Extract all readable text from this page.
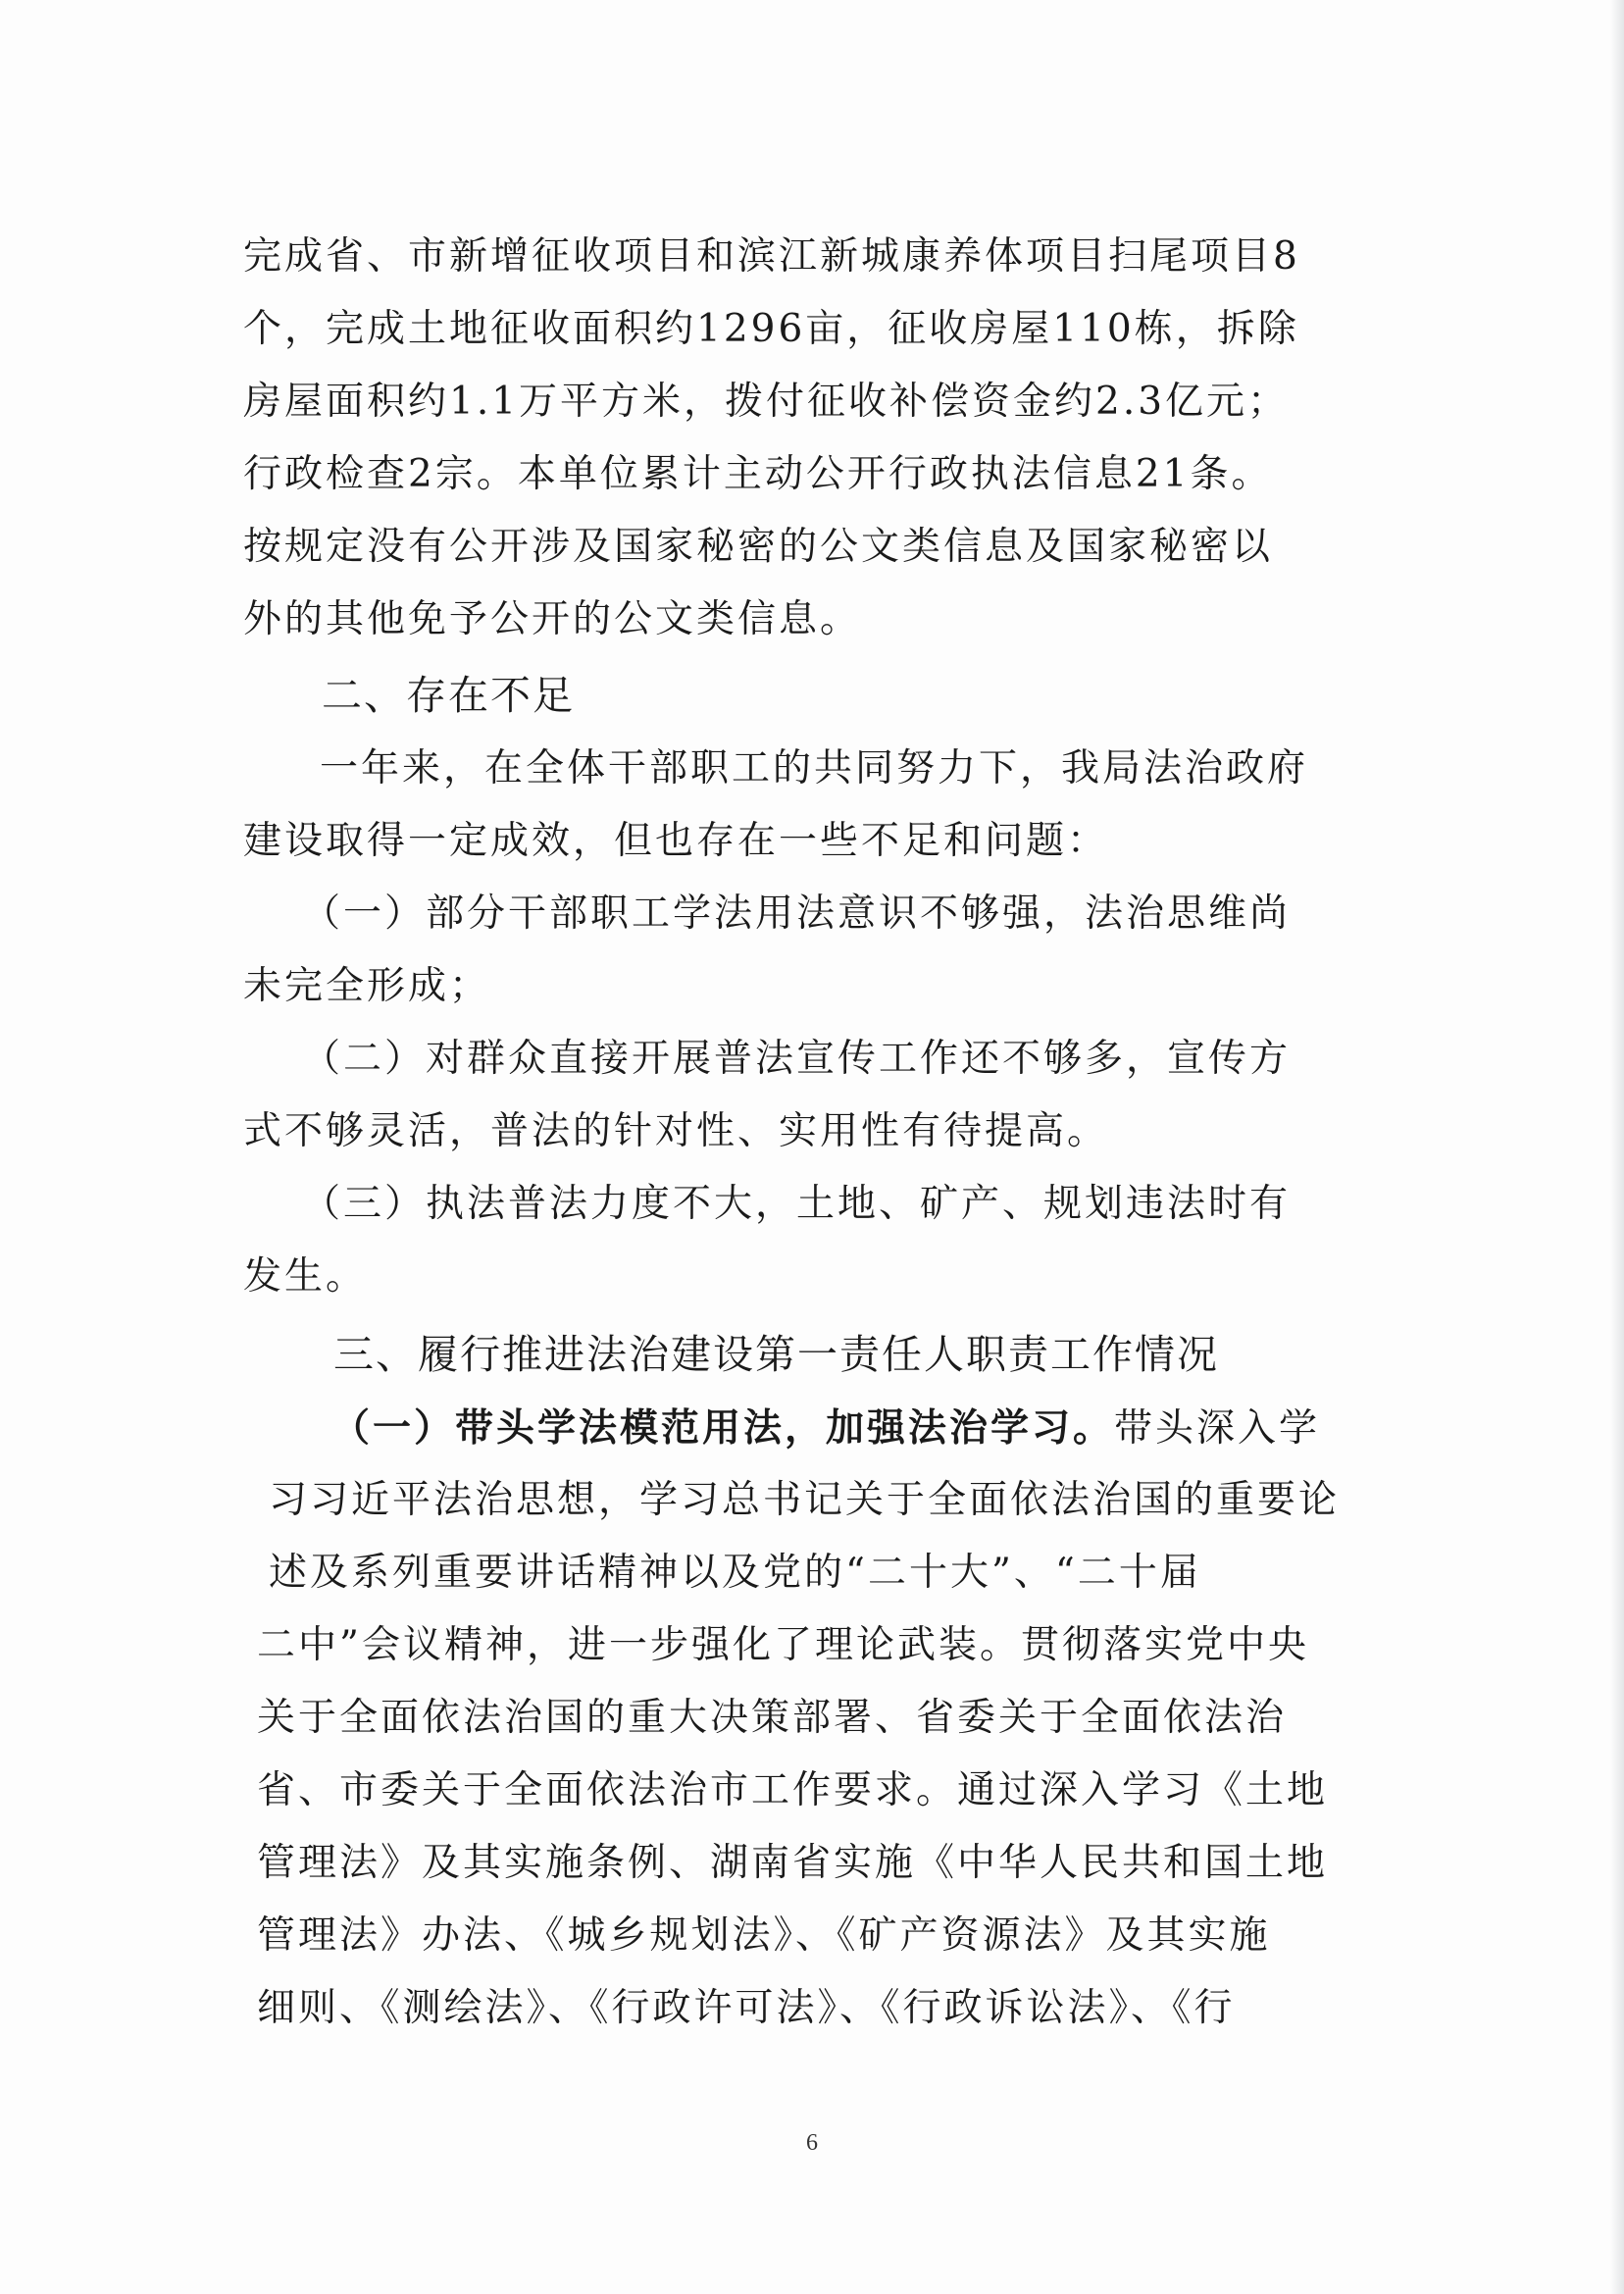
完成省、市新增征收项目和滨江新城康养体项目扫尾项目8
个，完成土地征收面积约1296亩，征收房屋110栋，拆除
房屋面积约1.1万平方米，拨付征收补偿资金约2.3亿元；
行政检查2宗。本单位累计主动公开行政执法信息21条。
按规定没有公开涉及国家秘密的公文类信息及国家秘密以
外的其他免予公开的公文类信息。
二、存在不足
一年来，在全体干部职工的共同努力下，我局法治政府
建设取得一定成效，但也存在一些不足和问题：
（一）部分干部职工学法用法意识不够强，法治思维尚
未完全形成；
（二）对群众直接开展普法宣传工作还不够多，宣传方
式不够灵活，普法的针对性、实用性有待提高。
（三）执法普法力度不大，土地、矿产、规划违法时有
发生。
三、履行推进法治建设第一责任人职责工作情况
（一）带头学法模范用法，加强法治学习。带头深入学
习习近平法治思想，学习总书记关于全面依法治国的重要论
述及系列重要讲话精神以及党的“二十大”、“二十届
二中”会议精神，进一步强化了理论武装。贯彻落实党中央
关于全面依法治国的重大决策部署、省委关于全面依法治
省、市委关于全面依法治市工作要求。通过深入学习《土地
管理法》及其实施条例、湖南省实施《中华人民共和国土地
管理法》办法、《城乡规划法》、《矿产资源法》及其实施
细则、《测绘法》、《行政许可法》、《行政诉讼法》、《行
6
